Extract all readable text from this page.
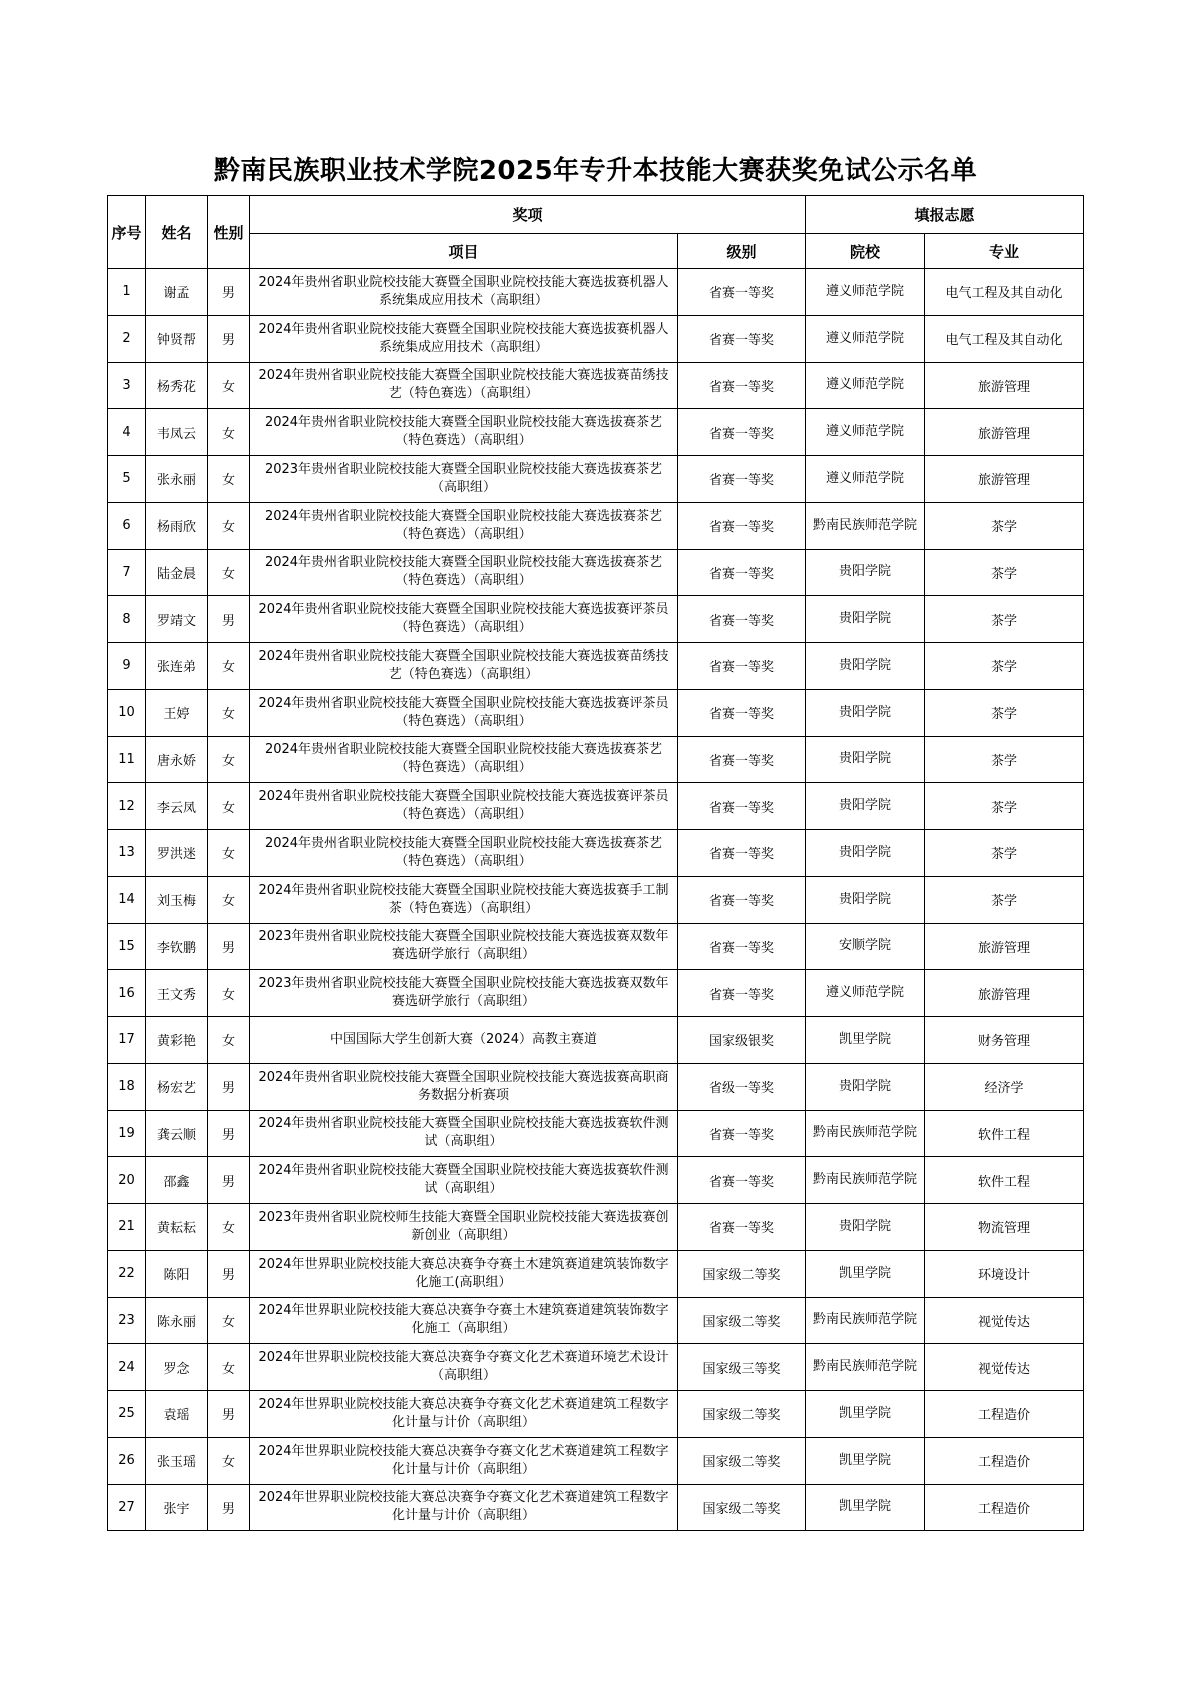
黔南民族职业技术学院2025年专升本技能大赛获奖免试公示名单
序号	姓名	性别	奖项		填报志愿	
			项目	级别	院校	专业
1	谢孟	男	2024年贵州省职业院校技能大赛暨全国职业院校技能大赛选拔赛机器人系统集成应用技术（高职组）	省赛一等奖	遵义师范学院	电气工程及其自动化
2	钟贤帮	男	2024年贵州省职业院校技能大赛暨全国职业院校技能大赛选拔赛机器人系统集成应用技术（高职组）	省赛一等奖	遵义师范学院	电气工程及其自动化
3	杨秀花	女	2024年贵州省职业院校技能大赛暨全国职业院校技能大赛选拔赛苗绣技艺（特色赛选）（高职组）	省赛一等奖	遵义师范学院	旅游管理
4	韦凤云	女	2024年贵州省职业院校技能大赛暨全国职业院校技能大赛选拔赛茶艺（特色赛选）（高职组）	省赛一等奖	遵义师范学院	旅游管理
5	张永丽	女	2023年贵州省职业院校技能大赛暨全国职业院校技能大赛选拔赛茶艺（高职组）	省赛一等奖	遵义师范学院	旅游管理
6	杨雨欣	女	2024年贵州省职业院校技能大赛暨全国职业院校技能大赛选拔赛茶艺（特色赛选）（高职组）	省赛一等奖	黔南民族师范学院	茶学
7	陆金晨	女	2024年贵州省职业院校技能大赛暨全国职业院校技能大赛选拔赛茶艺（特色赛选）（高职组）	省赛一等奖	贵阳学院	茶学
8	罗靖文	男	2024年贵州省职业院校技能大赛暨全国职业院校技能大赛选拔赛评茶员（特色赛选）（高职组）	省赛一等奖	贵阳学院	茶学
9	张连弟	女	2024年贵州省职业院校技能大赛暨全国职业院校技能大赛选拔赛苗绣技艺（特色赛选）（高职组）	省赛一等奖	贵阳学院	茶学
10	王婷	女	2024年贵州省职业院校技能大赛暨全国职业院校技能大赛选拔赛评茶员（特色赛选）（高职组）	省赛一等奖	贵阳学院	茶学
11	唐永娇	女	2024年贵州省职业院校技能大赛暨全国职业院校技能大赛选拔赛茶艺（特色赛选）（高职组）	省赛一等奖	贵阳学院	茶学
12	李云凤	女	2024年贵州省职业院校技能大赛暨全国职业院校技能大赛选拔赛评茶员（特色赛选）（高职组）	省赛一等奖	贵阳学院	茶学
13	罗洪迷	女	2024年贵州省职业院校技能大赛暨全国职业院校技能大赛选拔赛茶艺（特色赛选）（高职组）	省赛一等奖	贵阳学院	茶学
14	刘玉梅	女	2024年贵州省职业院校技能大赛暨全国职业院校技能大赛选拔赛手工制茶（特色赛选）（高职组）	省赛一等奖	贵阳学院	茶学
15	李钦鹏	男	2023年贵州省职业院校技能大赛暨全国职业院校技能大赛选拔赛双数年赛选研学旅行（高职组）	省赛一等奖	安顺学院	旅游管理
16	王文秀	女	2023年贵州省职业院校技能大赛暨全国职业院校技能大赛选拔赛双数年赛选研学旅行（高职组）	省赛一等奖	遵义师范学院	旅游管理
17	黄彩艳	女	中国国际大学生创新大赛（2024）高教主赛道	国家级银奖	凯里学院	财务管理
18	杨宏艺	男	2024年贵州省职业院校技能大赛暨全国职业院校技能大赛选拔赛高职商务数据分析赛项	省级一等奖	贵阳学院	经济学
19	龚云顺	男	2024年贵州省职业院校技能大赛暨全国职业院校技能大赛选拔赛软件测试（高职组）	省赛一等奖	黔南民族师范学院	软件工程
20	邵鑫	男	2024年贵州省职业院校技能大赛暨全国职业院校技能大赛选拔赛软件测试（高职组）	省赛一等奖	黔南民族师范学院	软件工程
21	黄耘耘	女	2023年贵州省职业院校师生技能大赛暨全国职业院校技能大赛选拔赛创新创业（高职组）	省赛一等奖	贵阳学院	物流管理
22	陈阳	男	2024年世界职业院校技能大赛总决赛争夺赛土木建筑赛道建筑装饰数字化施工(高职组）	国家级二等奖	凯里学院	环境设计
23	陈永丽	女	2024年世界职业院校技能大赛总决赛争夺赛土木建筑赛道建筑装饰数字化施工（高职组）	国家级二等奖	黔南民族师范学院	视觉传达
24	罗念	女	2024年世界职业院校技能大赛总决赛争夺赛文化艺术赛道环境艺术设计（高职组）	国家级三等奖	黔南民族师范学院	视觉传达
25	袁瑶	男	2024年世界职业院校技能大赛总决赛争夺赛文化艺术赛道建筑工程数字化计量与计价（高职组）	国家级二等奖	凯里学院	工程造价
26	张玉瑶	女	2024年世界职业院校技能大赛总决赛争夺赛文化艺术赛道建筑工程数字化计量与计价（高职组）	国家级二等奖	凯里学院	工程造价
27	张宇	男	2024年世界职业院校技能大赛总决赛争夺赛文化艺术赛道建筑工程数字化计量与计价（高职组）	国家级二等奖	凯里学院	工程造价
